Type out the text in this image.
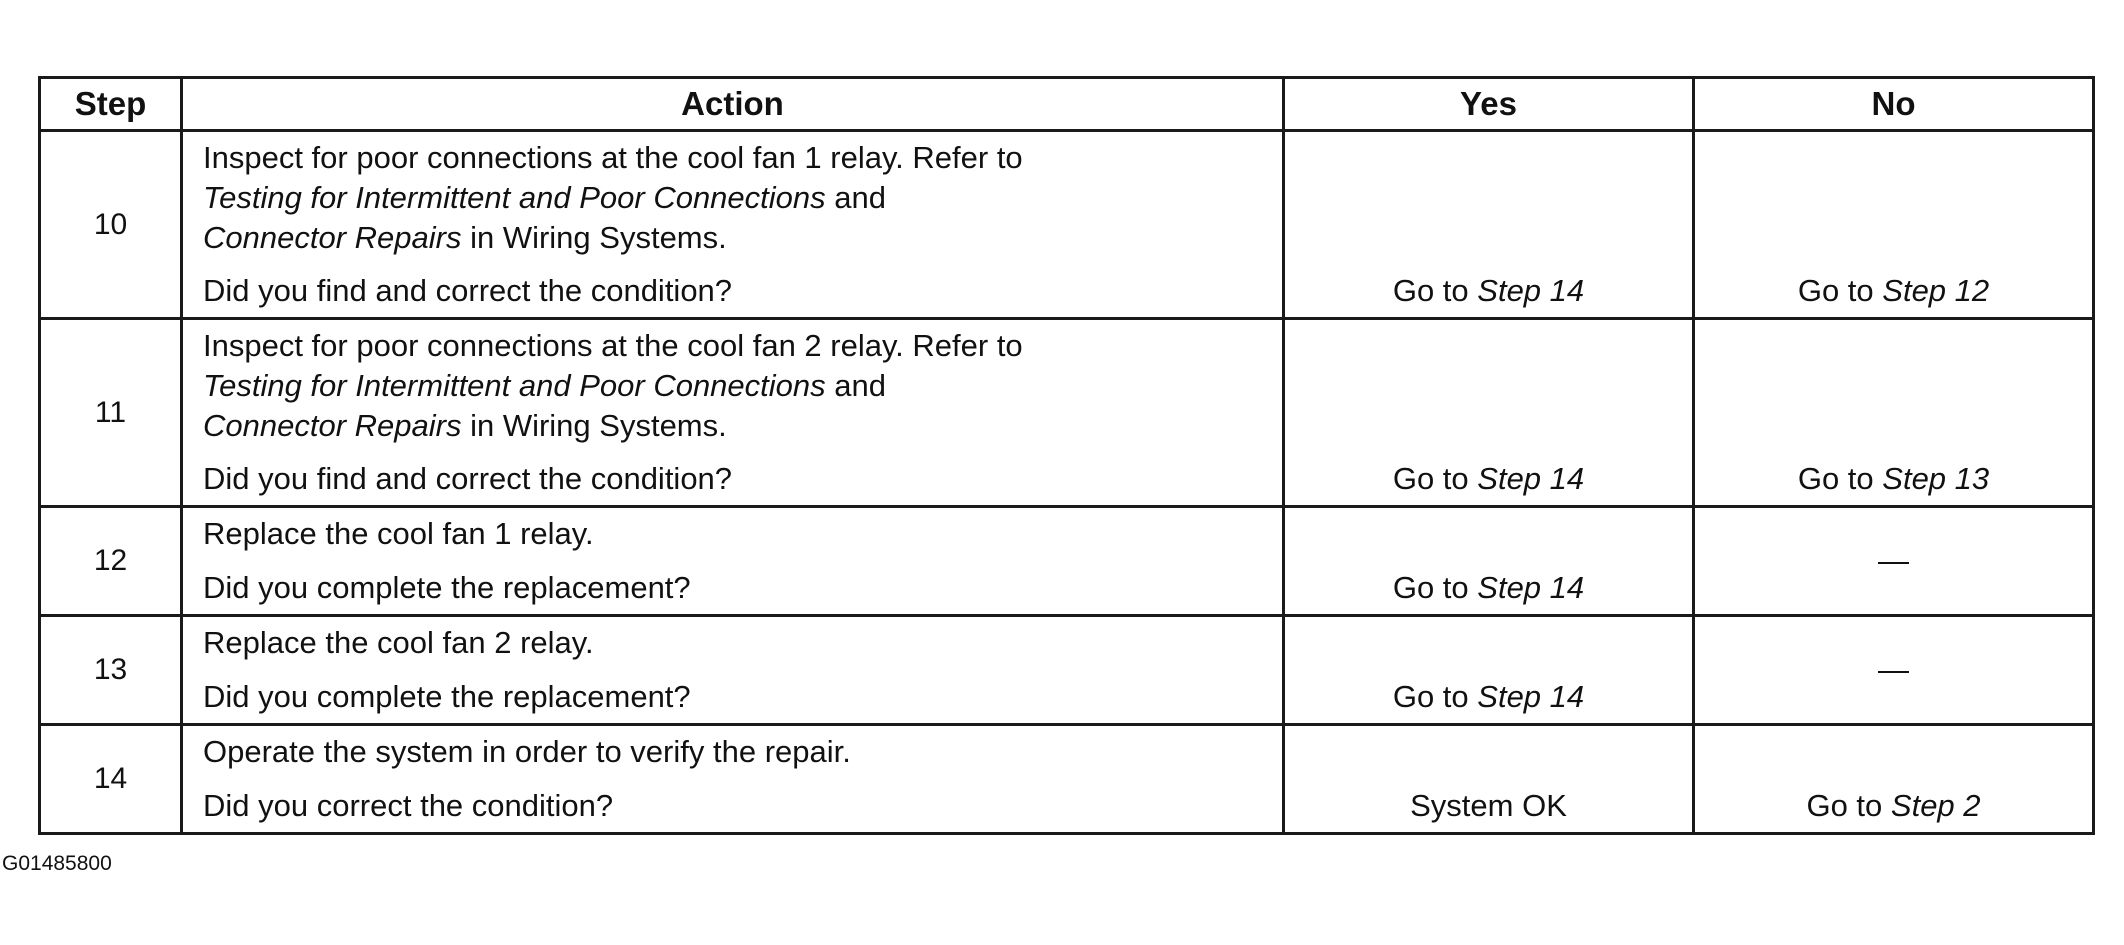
Step	Action	Yes	No
10	Inspect for poor connections at the cool fan 1 relay. Refer to
Testing for Intermittent and Poor Connections and
Connector Repairs in Wiring Systems.

Did you find and correct the condition?	Go to Step 14	Go to Step 12
11	Inspect for poor connections at the cool fan 2 relay. Refer to
Testing for Intermittent and Poor Connections and
Connector Repairs in Wiring Systems.

Did you find and correct the condition?	Go to Step 14	Go to Step 13
12	Replace the cool fan 1 relay.

Did you complete the replacement?	Go to Step 14	—
13	Replace the cool fan 2 relay.

Did you complete the replacement?	Go to Step 14	—
14	Operate the system in order to verify the repair.

Did you correct the condition?	System OK	Go to Step 2
G01485800
